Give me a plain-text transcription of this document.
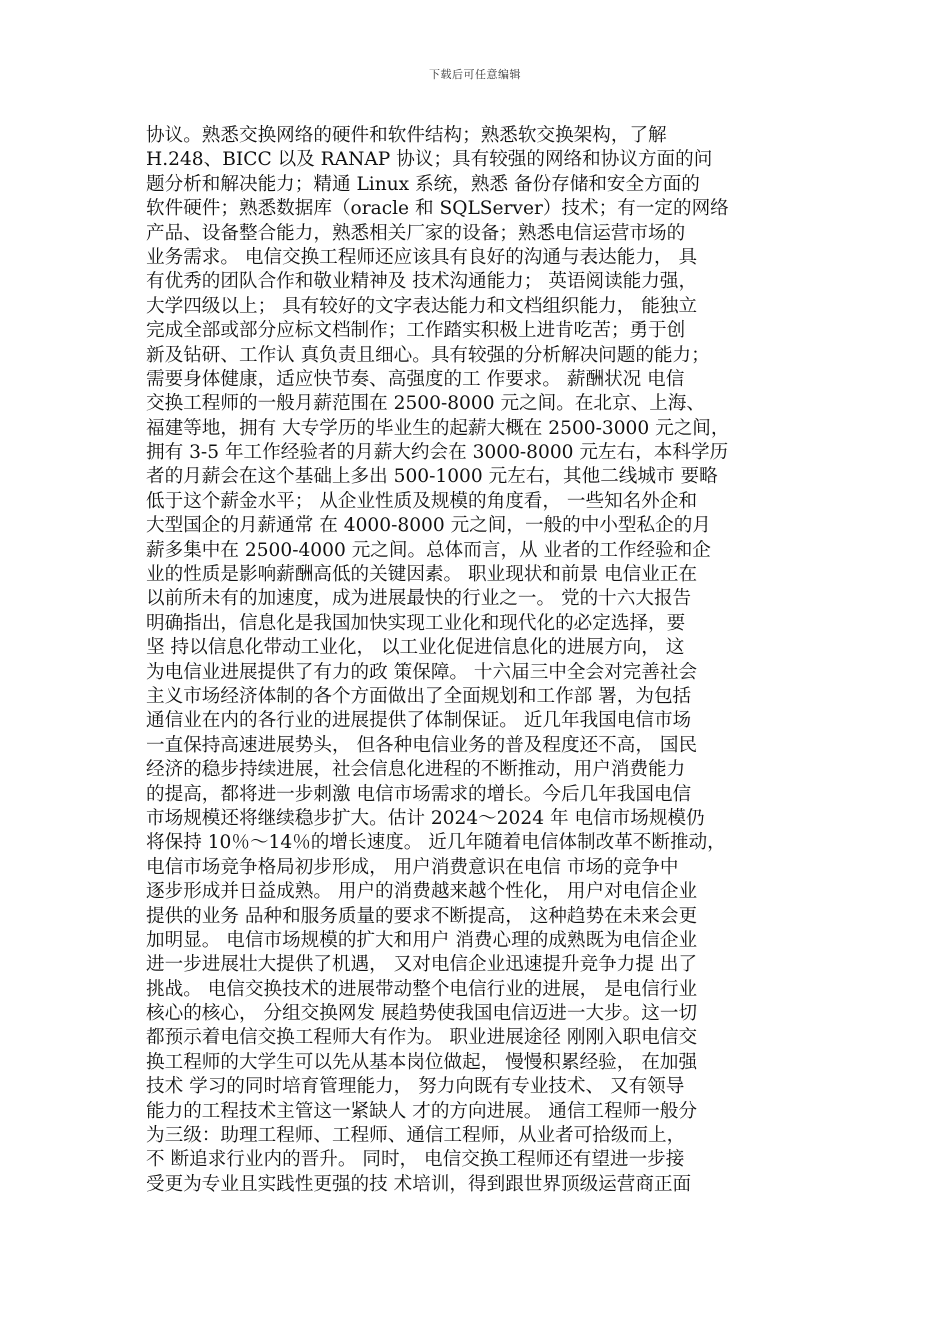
下载后可任意编辑
协议。熟悉交换网络的硬件和软件结构；熟悉软交换架构，了解
H.248、BICC 以及 RANAP 协议；具有较强的网络和协议方面的问
题分析和解决能力；精通 Linux 系统，熟悉 备份存储和安全方面的
软件硬件；熟悉数据库（oracle 和 SQLServer）技术；有一定的网络
产品、设备整合能力，熟悉相关厂家的设备；熟悉电信运营市场的
业务需求。 电信交换工程师还应该具有良好的沟通与表达能力， 具
有优秀的团队合作和敬业精神及 技术沟通能力； 英语阅读能力强，
大学四级以上； 具有较好的文字表达能力和文档组织能力， 能独立
完成全部或部分应标文档制作；工作踏实积极上进肯吃苦；勇于创
新及钻研、工作认 真负责且细心。具有较强的分析解决问题的能力；
需要身体健康，适应快节奏、高强度的工 作要求。 薪酬状况 电信
交换工程师的一般月薪范围在 2500-8000 元之间。在北京、上海、
福建等地，拥有 大专学历的毕业生的起薪大概在 2500-3000 元之间，
拥有 3-5 年工作经验者的月薪大约会在 3000-8000 元左右，本科学历
者的月薪会在这个基础上多出 500-1000 元左右，其他二线城市 要略
低于这个薪金水平； 从企业性质及规模的角度看， 一些知名外企和
大型国企的月薪通常 在 4000-8000 元之间，一般的中小型私企的月
薪多集中在 2500-4000 元之间。总体而言，从 业者的工作经验和企
业的性质是影响薪酬高低的关键因素。 职业现状和前景 电信业正在
以前所未有的加速度，成为进展最快的行业之一。 党的十六大报告
明确指出，信息化是我国加快实现工业化和现代化的必定选择，要
坚 持以信息化带动工业化， 以工业化促进信息化的进展方向， 这
为电信业进展提供了有力的政 策保障。 十六届三中全会对完善社会
主义市场经济体制的各个方面做出了全面规划和工作部 署，为包括
通信业在内的各行业的进展提供了体制保证。 近几年我国电信市场
一直保持高速进展势头， 但各种电信业务的普及程度还不高， 国民
经济的稳步持续进展，社会信息化进程的不断推动，用户消费能力
的提高，都将进一步刺激 电信市场需求的增长。今后几年我国电信
市场规模还将继续稳步扩大。估计 2024～2024 年 电信市场规模仍
将保持 10％～14％的增长速度。 近几年随着电信体制改革不断推动，
电信市场竞争格局初步形成， 用户消费意识在电信 市场的竞争中
逐步形成并日益成熟。 用户的消费越来越个性化， 用户对电信企业
提供的业务 品种和服务质量的要求不断提高， 这种趋势在未来会更
加明显。 电信市场规模的扩大和用户 消费心理的成熟既为电信企业
进一步进展壮大提供了机遇， 又对电信企业迅速提升竞争力提 出了
挑战。 电信交换技术的进展带动整个电信行业的进展， 是电信行业
核心的核心， 分组交换网发 展趋势使我国电信迈进一大步。这一切
都预示着电信交换工程师大有作为。 职业进展途径 刚刚入职电信交
换工程师的大学生可以先从基本岗位做起， 慢慢积累经验， 在加强
技术 学习的同时培育管理能力， 努力向既有专业技术、 又有领导
能力的工程技术主管这一紧缺人 才的方向进展。 通信工程师一般分
为三级：助理工程师、工程师、通信工程师，从业者可拾级而上，
不 断追求行业内的晋升。 同时， 电信交换工程师还有望进一步接
受更为专业且实践性更强的技 术培训，得到跟世界顶级运营商正面
